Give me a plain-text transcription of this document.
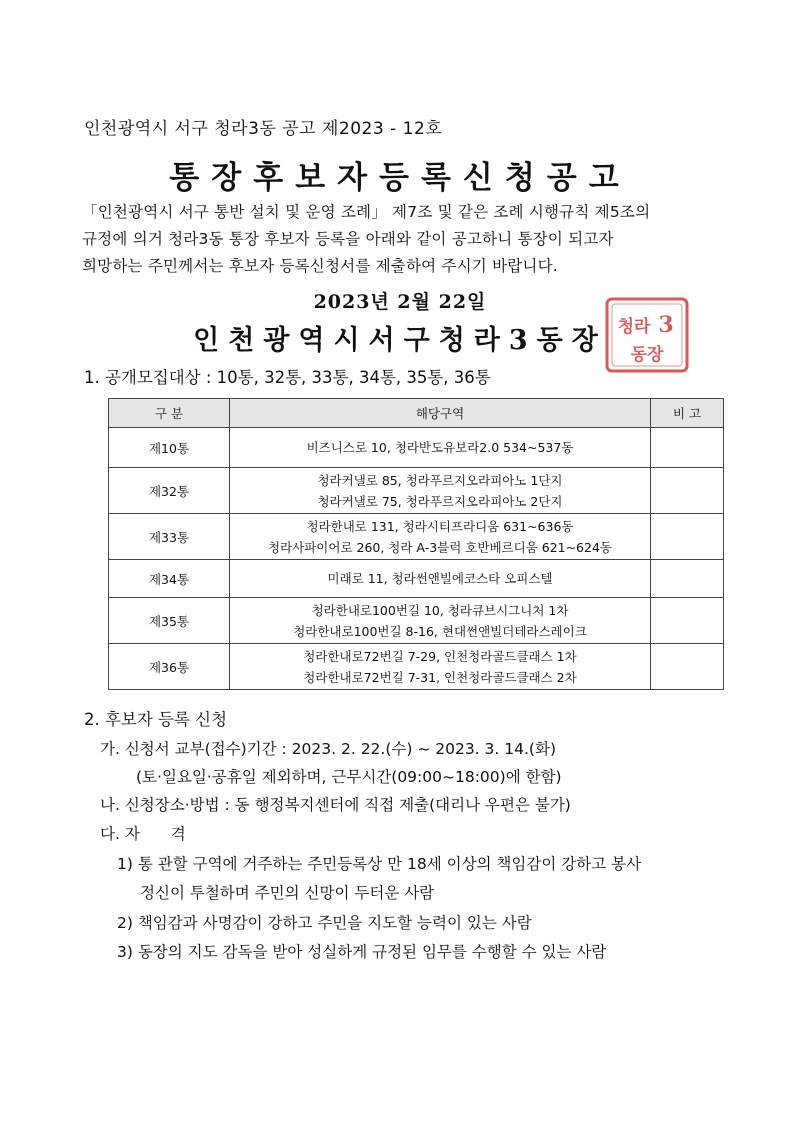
인천광역시 서구 청라3동 공고 제2023 - 12호
통장후보자등록신청공고

「인천광역시 서구 통반 설치 및 운영 조례」 제7조 및 같은 조례 시행규칙 제5조의

규정에 의거 청라3동 통장 후보자 등록을 아래와 같이 공고하니 통장이 되고자

희망하는 주민께서는 후보자 등록신청서를 제출하여 주시기 바랍니다.

2023년 2월 22일
인천광역시서구청라3동장 청라 3
동장
1. 공개모집대상 : 10통, 32통, 33통, 34통, 35통, 36통
구 분	해당구역	비 고
제10통	비즈니스로 10, 청라반도유보라2.0 534~537동	

제32통	청라커낼로 85, 청라푸르지오라피아노 1단지
청라커낼로 75, 청라푸르지오라피아노 2단지	

제33통	청라한내로 131, 청라시티프라디움 631~636동
청라사파이어로 260, 청라 A-3블럭 호반베르디움 621~624동	

제34통	미래로 11, 청라썬앤빌에코스타 오피스텔	

제35통	청라한내로100번길 10, 청라큐브시그니처 1차
청라한내로100번길 8-16, 현대썬앤빌더테라스레이크	

제36통	청라한내로72번길 7-29, 인천청라골드클래스 1차
청라한내로72번길 7-31, 인천청라골드클래스 2차	

2. 후보자 등록 신청
가. 신청서 교부(접수)기간 : 2023. 2. 22.(수) ~ 2023. 3. 14.(화)
(토·일요일·공휴일 제외하며, 근무시간(09:00~18:00)에 한함)
나. 신청장소·방법 : 동 행정복지센터에 직접 제출(대리나 우편은 불가)
다. 자　　격
1) 통 관할 구역에 거주하는 주민등록상 만 18세 이상의 책임감이 강하고 봉사
정신이 투철하며 주민의 신망이 두터운 사람
2) 책임감과 사명감이 강하고 주민을 지도할 능력이 있는 사람
3) 동장의 지도 감독을 받아 성실하게 규정된 임무를 수행할 수 있는 사람
